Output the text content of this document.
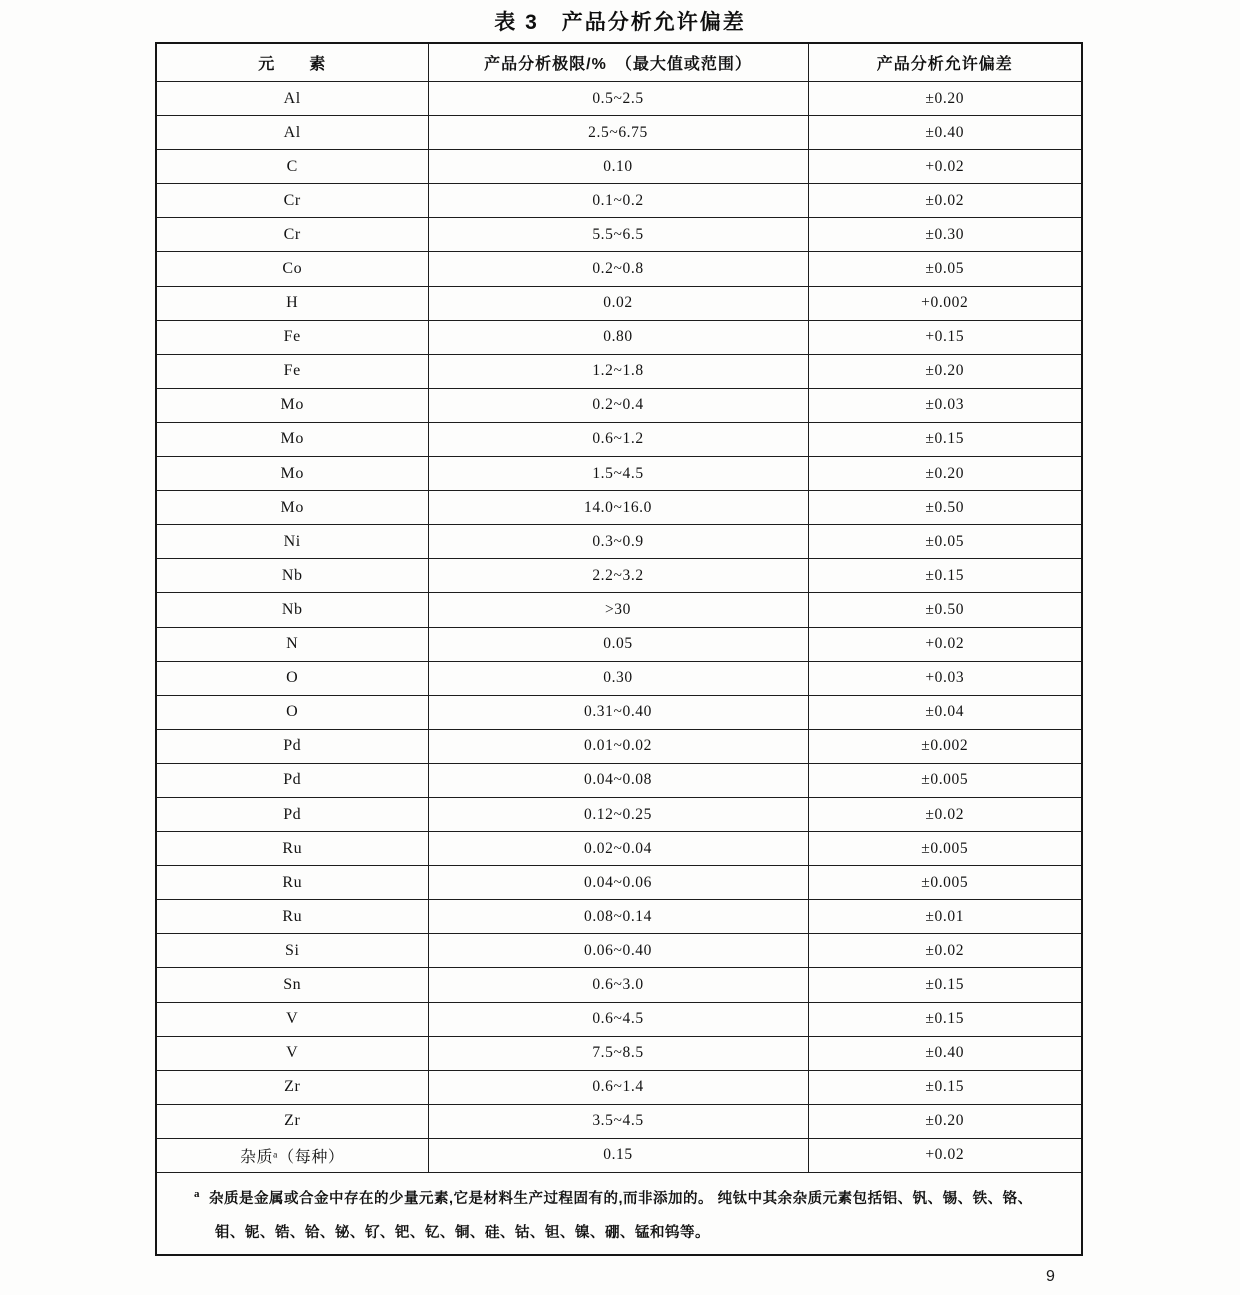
表 3　产品分析允许偏差
元　　素	产品分析极限/%　（最大值或范围）	产品分析允许偏差
Al	0.5~2.5	±0.20
Al	2.5~6.75	±0.40
C	0.10	+0.02
Cr	0.1~0.2	±0.02
Cr	5.5~6.5	±0.30
Co	0.2~0.8	±0.05
H	0.02	+0.002
Fe	0.80	+0.15
Fe	1.2~1.8	±0.20
Mo	0.2~0.4	±0.03
Mo	0.6~1.2	±0.15
Mo	1.5~4.5	±0.20
Mo	14.0~16.0	±0.50
Ni	0.3~0.9	±0.05
Nb	2.2~3.2	±0.15
Nb	>30	±0.50
N	0.05	+0.02
O	0.30	+0.03
O	0.31~0.40	±0.04
Pd	0.01~0.02	±0.002
Pd	0.04~0.08	±0.005
Pd	0.12~0.25	±0.02
Ru	0.02~0.04	±0.005
Ru	0.04~0.06	±0.005
Ru	0.08~0.14	±0.01
Si	0.06~0.40	±0.02
Sn	0.6~3.0	±0.15
V	0.6~4.5	±0.15
V	7.5~8.5	±0.40
Zr	0.6~1.4	±0.15
Zr	3.5~4.5	±0.20
杂质ᵃ（每种）	0.15	+0.02

$^a$ 杂质是金属或合金中存在的少量元素,它是材料生产过程固有的,而非添加的。 纯钛中其余杂质元素包括铝、钒、锡、铁、铬、钼、铌、锆、铪、铋、钌、钯、钇、铜、硅、钴、钽、镍、硼、锰和钨等。		

9
